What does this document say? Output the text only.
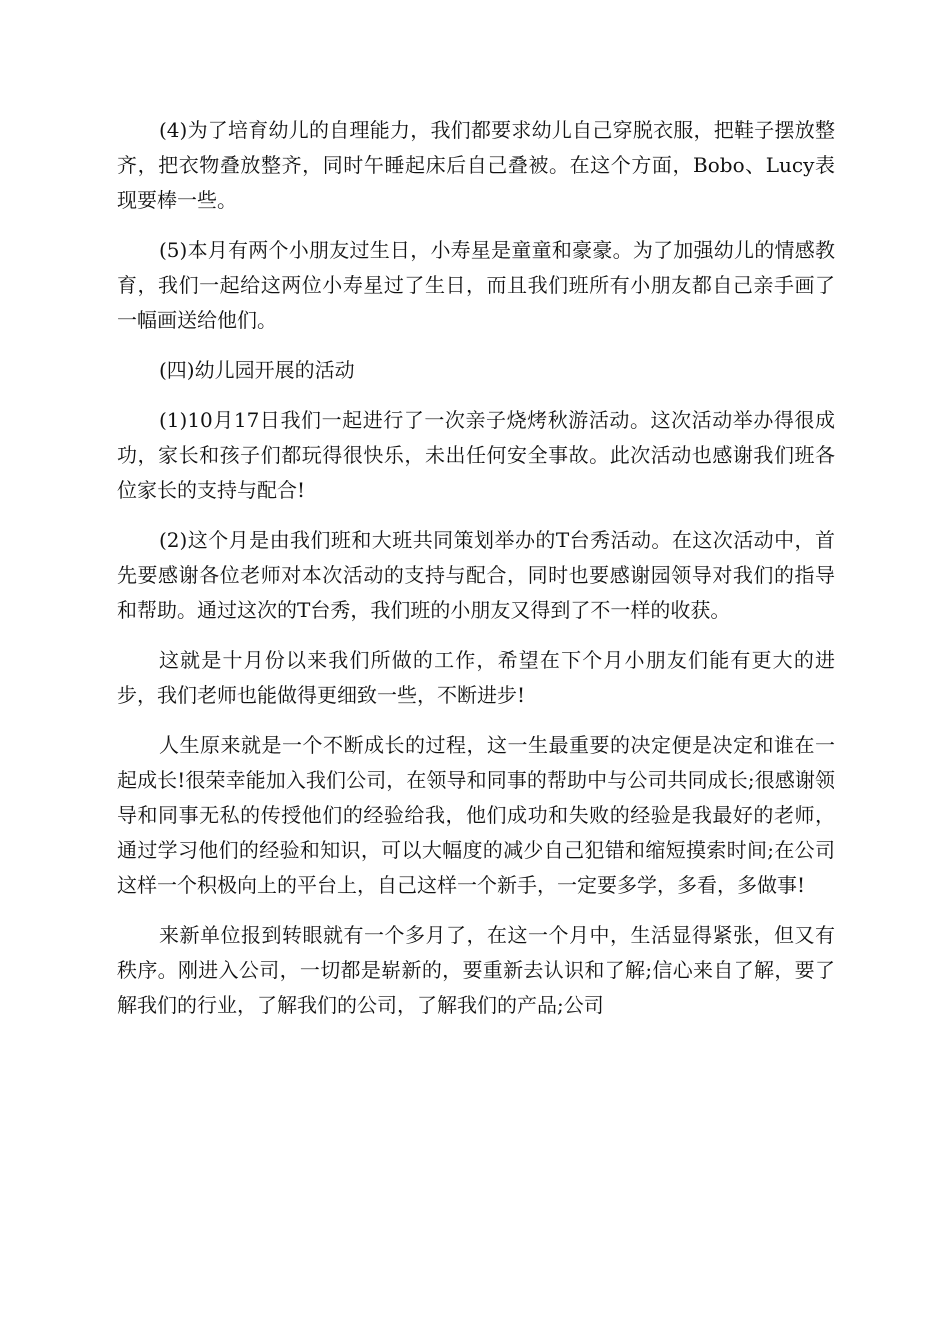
(4)为了培育幼儿的自理能力，我们都要求幼儿自己穿脱衣服，把鞋子摆放整齐，把衣物叠放整齐，同时午睡起床后自己叠被。在这个方面，Bobo、Lucy表现要棒一些。

(5)本月有两个小朋友过生日，小寿星是童童和豪豪。为了加强幼儿的情感教育，我们一起给这两位小寿星过了生日，而且我们班所有小朋友都自己亲手画了一幅画送给他们。

(四)幼儿园开展的活动

(1)10月17日我们一起进行了一次亲子烧烤秋游活动。这次活动举办得很成功，家长和孩子们都玩得很快乐，未出任何安全事故。此次活动也感谢我们班各位家长的支持与配合!

(2)这个月是由我们班和大班共同策划举办的T台秀活动。在这次活动中，首先要感谢各位老师对本次活动的支持与配合，同时也要感谢园领导对我们的指导和帮助。通过这次的T台秀，我们班的小朋友又得到了不一样的收获。

这就是十月份以来我们所做的工作，希望在下个月小朋友们能有更大的进步，我们老师也能做得更细致一些，不断进步!

人生原来就是一个不断成长的过程，这一生最重要的决定便是决定和谁在一起成长!很荣幸能加入我们公司，在领导和同事的帮助中与公司共同成长;很感谢领导和同事无私的传授他们的经验给我，他们成功和失败的经验是我最好的老师，通过学习他们的经验和知识，可以大幅度的减少自己犯错和缩短摸索时间;在公司这样一个积极向上的平台上，自己这样一个新手，一定要多学，多看，多做事!

来新单位报到转眼就有一个多月了，在这一个月中，生活显得紧张，但又有秩序。刚进入公司，一切都是崭新的，要重新去认识和了解;信心来自了解，要了解我们的行业，了解我们的公司，了解我们的产品;公司
